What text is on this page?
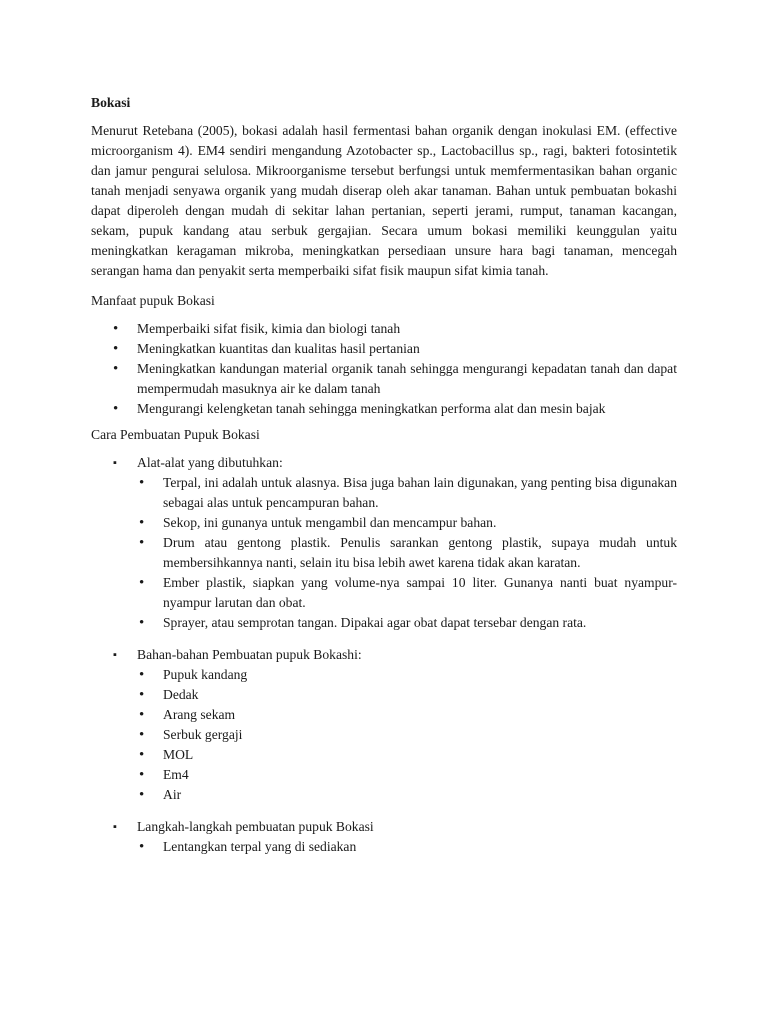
Bokasi

Menurut Retebana (2005), bokasi adalah hasil fermentasi bahan organik dengan inokulasi EM. (effective microorganism 4). EM4 sendiri mengandung Azotobacter sp., Lactobacillus sp., ragi, bakteri fotosintetik dan jamur pengurai selulosa. Mikroorganisme tersebut berfungsi untuk memfermentasikan bahan organic tanah menjadi senyawa organik yang mudah diserap oleh akar tanaman. Bahan untuk pembuatan bokashi dapat diperoleh dengan mudah di sekitar lahan pertanian, seperti jerami, rumput, tanaman kacangan, sekam, pupuk kandang atau serbuk gergajian. Secara umum bokasi memiliki keunggulan yaitu meningkatkan keragaman mikroba, meningkatkan persediaan unsure hara bagi tanaman, mencegah serangan hama dan penyakit serta memperbaiki sifat fisik maupun sifat kimia tanah.

Manfaat pupuk Bokasi
• Memperbaiki sifat fisik, kimia dan biologi tanah
• Meningkatkan kuantitas dan kualitas hasil pertanian
• Meningkatkan kandungan material organik tanah sehingga mengurangi kepadatan tanah dan dapat mempermudah masuknya air ke dalam tanah
• Mengurangi kelengketan tanah sehingga meningkatkan performa alat dan mesin bajak
Cara Pembuatan Pupuk Bokasi
▪ Alat-alat yang dibutuhkan:
• Terpal, ini adalah untuk alasnya. Bisa juga bahan lain digunakan, yang penting bisa digunakan sebagai alas untuk pencampuran bahan.
• Sekop, ini gunanya untuk mengambil dan mencampur bahan.
• Drum atau gentong plastik. Penulis sarankan gentong plastik, supaya mudah untuk membersihkannya nanti, selain itu bisa lebih awet karena tidak akan karatan.
• Ember plastik, siapkan yang volume-nya sampai 10 liter. Gunanya nanti buat nyampur-nyampur larutan dan obat.
• Sprayer, atau semprotan tangan. Dipakai agar obat dapat tersebar dengan rata.
▪ Bahan-bahan Pembuatan pupuk Bokashi:
• Pupuk kandang
• Dedak
• Arang sekam
• Serbuk gergaji
• MOL
• Em4
• Air
▪ Langkah-langkah pembuatan pupuk Bokasi
• Lentangkan terpal yang di sediakan
